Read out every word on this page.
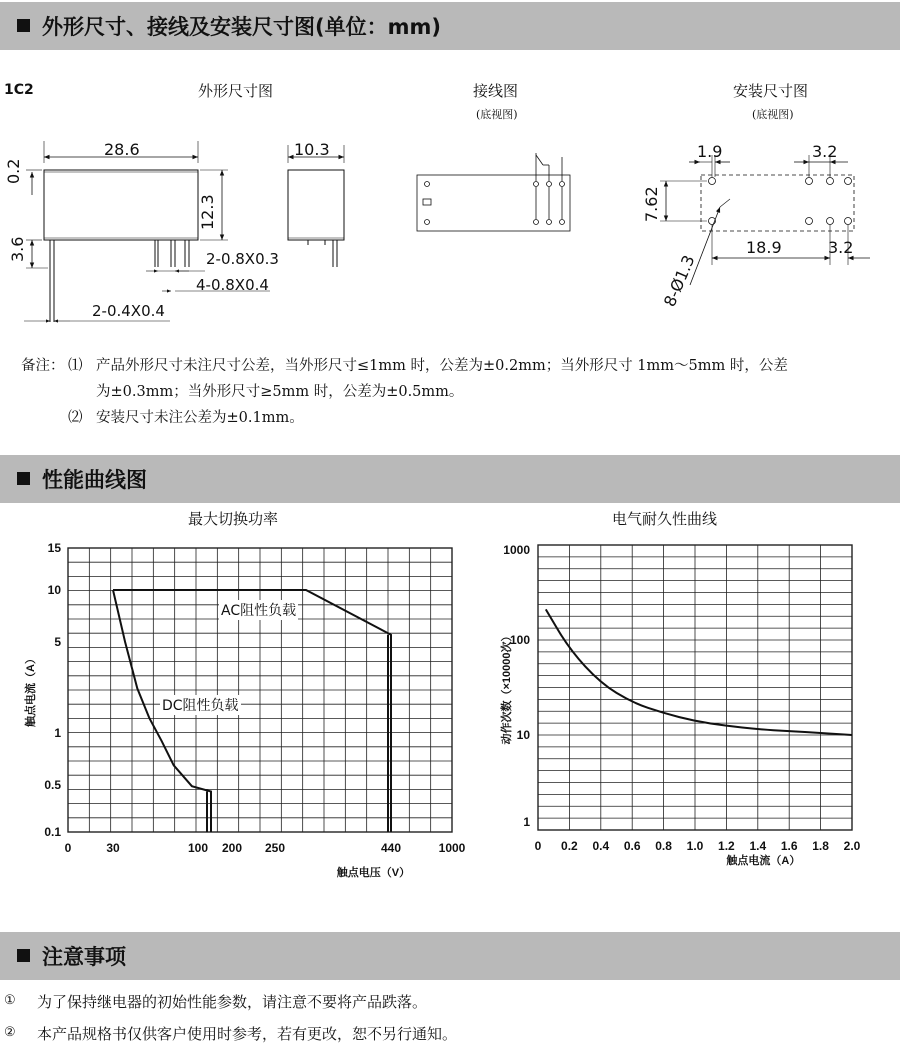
外形尺寸、接线及安装尺寸图(单位：mm)
1C2	外形尺寸图	接线图
(底视图)
安装尺寸图
(底视图)
28.6	10.3
0.2
12.3
3.6	2-0.8X0.3
4-0.8X0.4
2-0.4X0.4
1.9	3.2
7.62
18.9	3.2
8-Ø1.3
备注： ⑴ 产品外形尺寸未注尺寸公差，当外形尺寸≤1mm 时，公差为±0.2mm；当外形尺寸 1mm～5mm 时，公差
为±0.3mm；当外形尺寸≥5mm 时，公差为±0.5mm。
⑵ 安装尺寸未注公差为±0.1mm。
性能曲线图
最大切换功率	电气耐久性曲线
0.1
0.5
1
5
10
15
0	30	100 200 250	440	1000
触点电压（V）
触点电流（A）
AC阻性负载
DC阻性负载
1
10
100
1000
0 0.2 0.4 0.6 0.8 1.0 1.2 1.4 1.6 1.8 2.0
触点电流（A）
动作次数（×10000次）
注意事项
① 为了保持继电器的初始性能参数，请注意不要将产品跌落。
② 本产品规格书仅供客户使用时参考，若有更改，恕不另行通知。
